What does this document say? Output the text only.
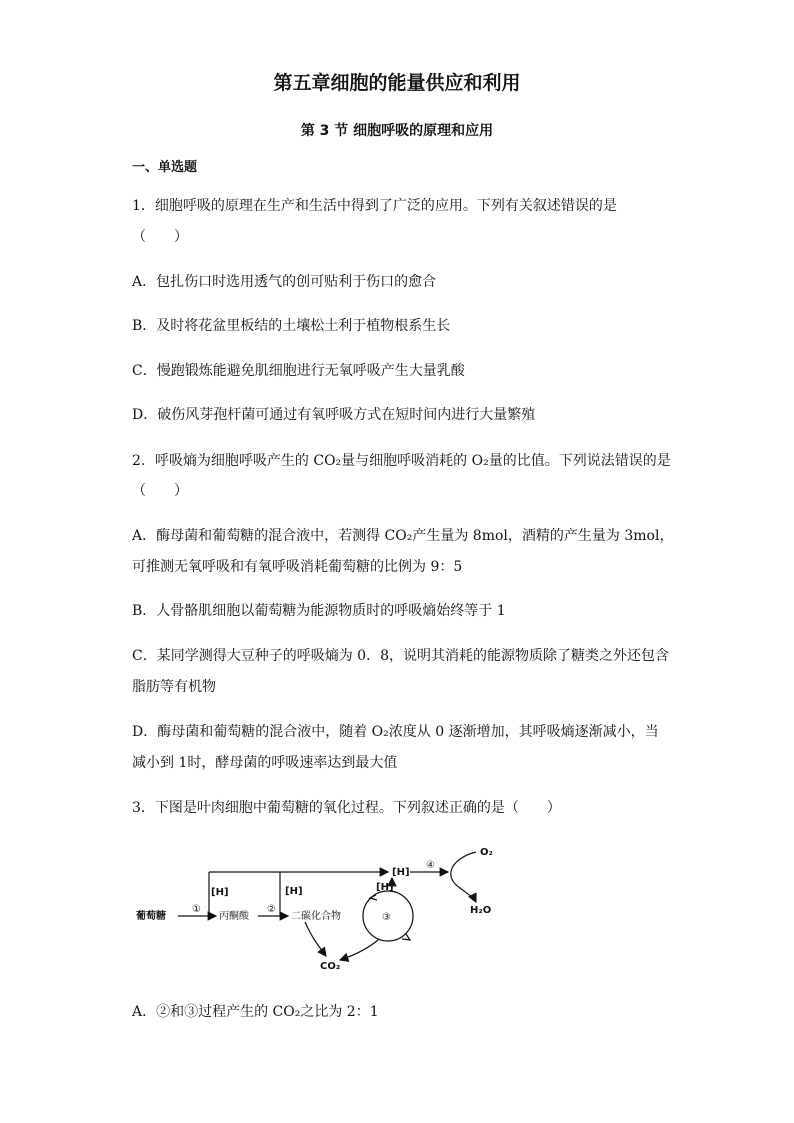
第五章细胞的能量供应和利用
第 3 节 细胞呼吸的原理和应用
一、单选题
1．细胞呼吸的原理在生产和生活中得到了广泛的应用。下列有关叙述错误的是
（　　）
A．包扎伤口时选用透气的创可贴利于伤口的愈合
B．及时将花盆里板结的土壤松土利于植物根系生长
C．慢跑锻炼能避免肌细胞进行无氧呼吸产生大量乳酸
D．破伤风芽孢杆菌可通过有氧呼吸方式在短时间内进行大量繁殖
2．呼吸熵为细胞呼吸产生的 CO₂量与细胞呼吸消耗的 O₂量的比值。下列说法错误的是
（　　）
A．酶母菌和葡萄糖的混合液中，若测得 CO₂产生量为 8mol，酒精的产生量为 3mol，
可推测无氧呼吸和有氧呼吸消耗葡萄糖的比例为 9：5
B．人骨骼肌细胞以葡萄糖为能源物质时的呼吸熵始终等于 1
C．某同学测得大豆种子的呼吸熵为 0．8，说明其消耗的能源物质除了糖类之外还包含
脂肪等有机物
D．酶母菌和葡萄糖的混合液中，随着 O₂浓度从 0 逐渐增加，其呼吸熵逐渐减小，当
减小到 1时，酵母菌的呼吸速率达到最大值
3．下图是叶肉细胞中葡萄糖的氧化过程。下列叙述正确的是（　　）
葡萄糖
①
丙酮酸
[H]
②
二碳化合物
[H]
[H]
④
O₂
H₂O
③
[H]
CO₂
A．②和③过程产生的 CO₂之比为 2：1
